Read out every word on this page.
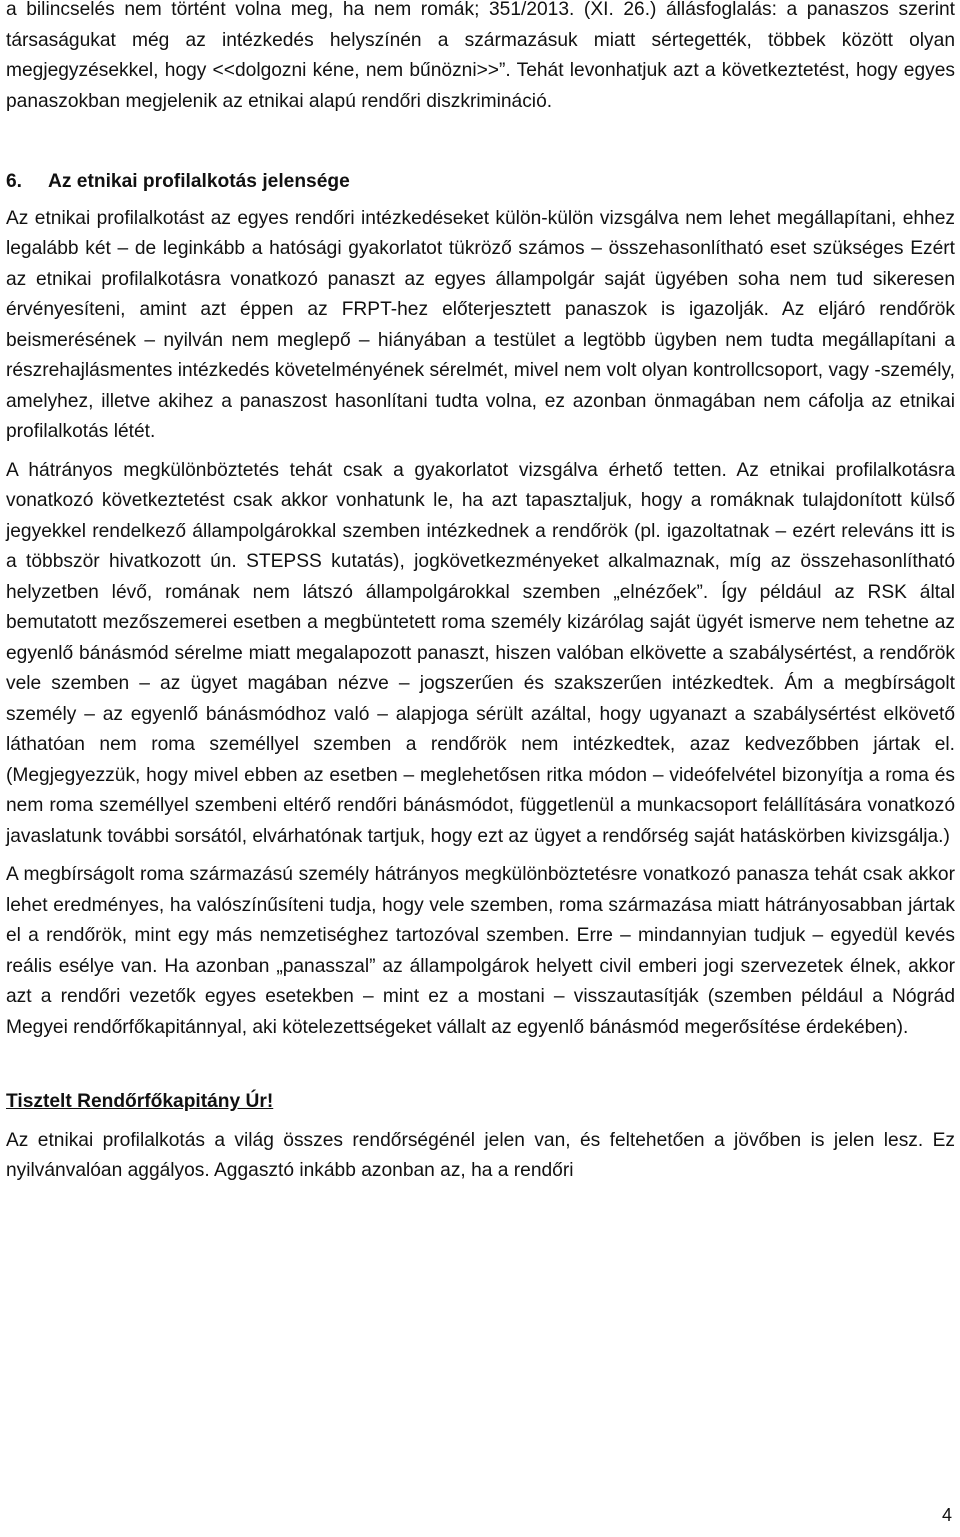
a bilincselés nem történt volna meg, ha nem romák; 351/2013. (XI. 26.) állásfoglalás: a panaszos szerint társaságukat még az intézkedés helyszínén a származásuk miatt sértegették, többek között olyan megjegyzésekkel, hogy <<dolgozni kéne, nem bűnözni>>”. Tehát levonhatjuk azt a következtetést, hogy egyes panaszokban megjelenik az etnikai alapú rendőri diszkrimináció.

6. Az etnikai profilalkotás jelensége

Az etnikai profilalkotást az egyes rendőri intézkedéseket külön-külön vizsgálva nem lehet megállapítani, ehhez legalább két – de leginkább a hatósági gyakorlatot tükröző számos – összehasonlítható eset szükséges Ezért az etnikai profilalkotásra vonatkozó panaszt az egyes állampolgár saját ügyében soha nem tud sikeresen érvényesíteni, amint azt éppen az FRPT-hez előterjesztett panaszok is igazolják. Az eljáró rendőrök beismerésének – nyilván nem meglepő – hiányában a testület a legtöbb ügyben nem tudta megállapítani a részrehajlásmentes intézkedés követelményének sérelmét, mivel nem volt olyan kontrollcsoport, vagy -személy, amelyhez, illetve akihez a panaszost hasonlítani tudta volna, ez azonban önmagában nem cáfolja az etnikai profilalkotás létét.

A hátrányos megkülönböztetés tehát csak a gyakorlatot vizsgálva érhető tetten. Az etnikai profilalkotásra vonatkozó következtetést csak akkor vonhatunk le, ha azt tapasztaljuk, hogy a romáknak tulajdonított külső jegyekkel rendelkező állampolgárokkal szemben intézkednek a rendőrök (pl. igazoltatnak – ezért releváns itt is a többször hivatkozott ún. STEPSS kutatás), jogkövetkezményeket alkalmaznak, míg az összehasonlítható helyzetben lévő, romának nem látszó állampolgárokkal szemben „elnézőek”. Így például az RSK által bemutatott mezőszemerei esetben a megbüntetett roma személy kizárólag saját ügyét ismerve nem tehetne az egyenlő bánásmód sérelme miatt megalapozott panaszt, hiszen valóban elkövette a szabálysértést, a rendőrök vele szemben – az ügyet magában nézve – jogszerűen és szakszerűen intézkedtek. Ám a megbírságolt személy – az egyenlő bánásmódhoz való – alapjoga sérült azáltal, hogy ugyanazt a szabálysértést elkövető láthatóan nem roma személlyel szemben a rendőrök nem intézkedtek, azaz kedvezőbben jártak el. (Megjegyezzük, hogy mivel ebben az esetben – meglehetősen ritka módon – videófelvétel bizonyítja a roma és nem roma személlyel szembeni eltérő rendőri bánásmódot, függetlenül a munkacsoport felállítására vonatkozó javaslatunk további sorsától, elvárhatónak tartjuk, hogy ezt az ügyet a rendőrség saját hatáskörben kivizsgálja.)

A megbírságolt roma származású személy hátrányos megkülönböztetésre vonatkozó panasza tehát csak akkor lehet eredményes, ha valószínűsíteni tudja, hogy vele szemben, roma származása miatt hátrányosabban jártak el a rendőrök, mint egy más nemzetiséghez tartozóval szemben. Erre – mindannyian tudjuk – egyedül kevés reális esélye van. Ha azonban „panasszal” az állampolgárok helyett civil emberi jogi szervezetek élnek, akkor azt a rendőri vezetők egyes esetekben – mint ez a mostani – visszautasítják (szemben például a Nógrád Megyei rendőrfőkapitánnyal, aki kötelezettségeket vállalt az egyenlő bánásmód megerősítése érdekében).

Tisztelt Rendőrfőkapitány Úr!

Az etnikai profilalkotás a világ összes rendőrségénél jelen van, és feltehetően a jövőben is jelen lesz. Ez nyilvánvalóan aggályos. Aggasztó inkább azonban az, ha a rendőri

4
